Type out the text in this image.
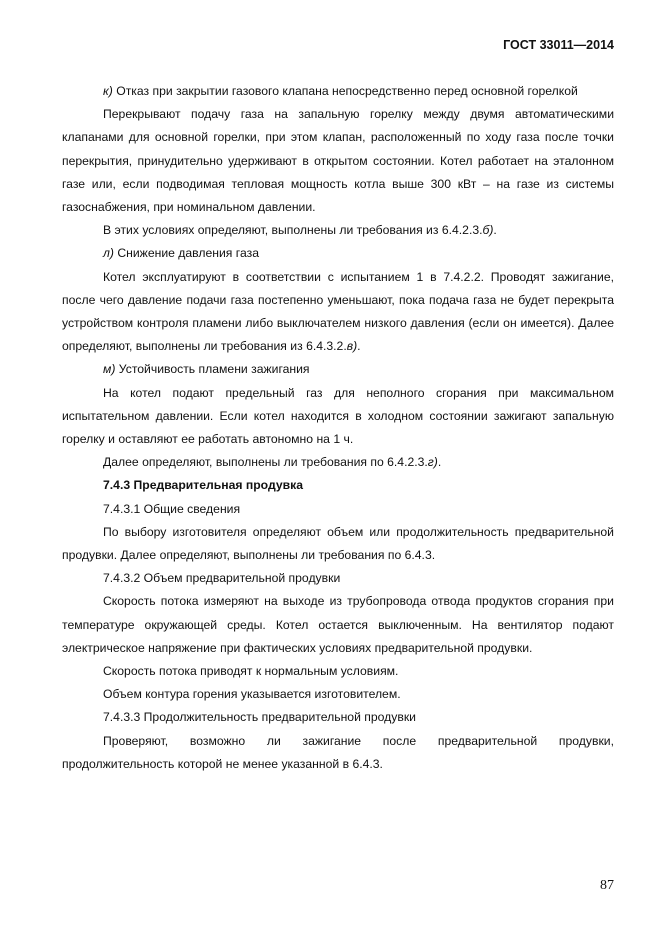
ГОСТ 33011—2014

к) Отказ при закрытии газового клапана непосредственно перед основной горелкой

Перекрывают подачу газа на запальную горелку между двумя автоматическими клапанами для основной горелки, при этом клапан, расположенный по ходу газа после точки перекрытия, принудительно удерживают в открытом состоянии. Котел работает на эталонном газе или, если подводимая тепловая мощность котла выше 300 кВт – на газе из системы газоснабжения, при номинальном давлении.

В этих условиях определяют, выполнены ли требования из 6.4.2.3.б).

л) Снижение давления газа

Котел эксплуатируют в соответствии с испытанием 1 в 7.4.2.2. Проводят зажигание, после чего давление подачи газа постепенно уменьшают, пока подача газа не будет перекрыта устройством контроля пламени либо выключателем низкого давления (если он имеется). Далее определяют, выполнены ли требования из 6.4.3.2.в).

м) Устойчивость пламени зажигания

На котел подают предельный газ для неполного сгорания при максимальном испытательном давлении. Если котел находится в холодном состоянии зажигают запальную горелку и оставляют ее работать автономно на 1 ч.

Далее определяют, выполнены ли требования по 6.4.2.3.г).

7.4.3 Предварительная продувка

7.4.3.1 Общие сведения

По выбору изготовителя определяют объем или продолжительность предварительной продувки. Далее определяют, выполнены ли требования по 6.4.3.

7.4.3.2 Объем предварительной продувки

Скорость потока измеряют на выходе из трубопровода отвода продуктов сгорания при температуре окружающей среды. Котел остается выключенным. На вентилятор подают электрическое напряжение при фактических условиях предварительной продувки.

Скорость потока приводят к нормальным условиям.

Объем контура горения указывается изготовителем.

7.4.3.3 Продолжительность предварительной продувки

Проверяют, возможно ли зажигание после предварительной продувки, продолжительность которой не менее указанной в 6.4.3.

87
